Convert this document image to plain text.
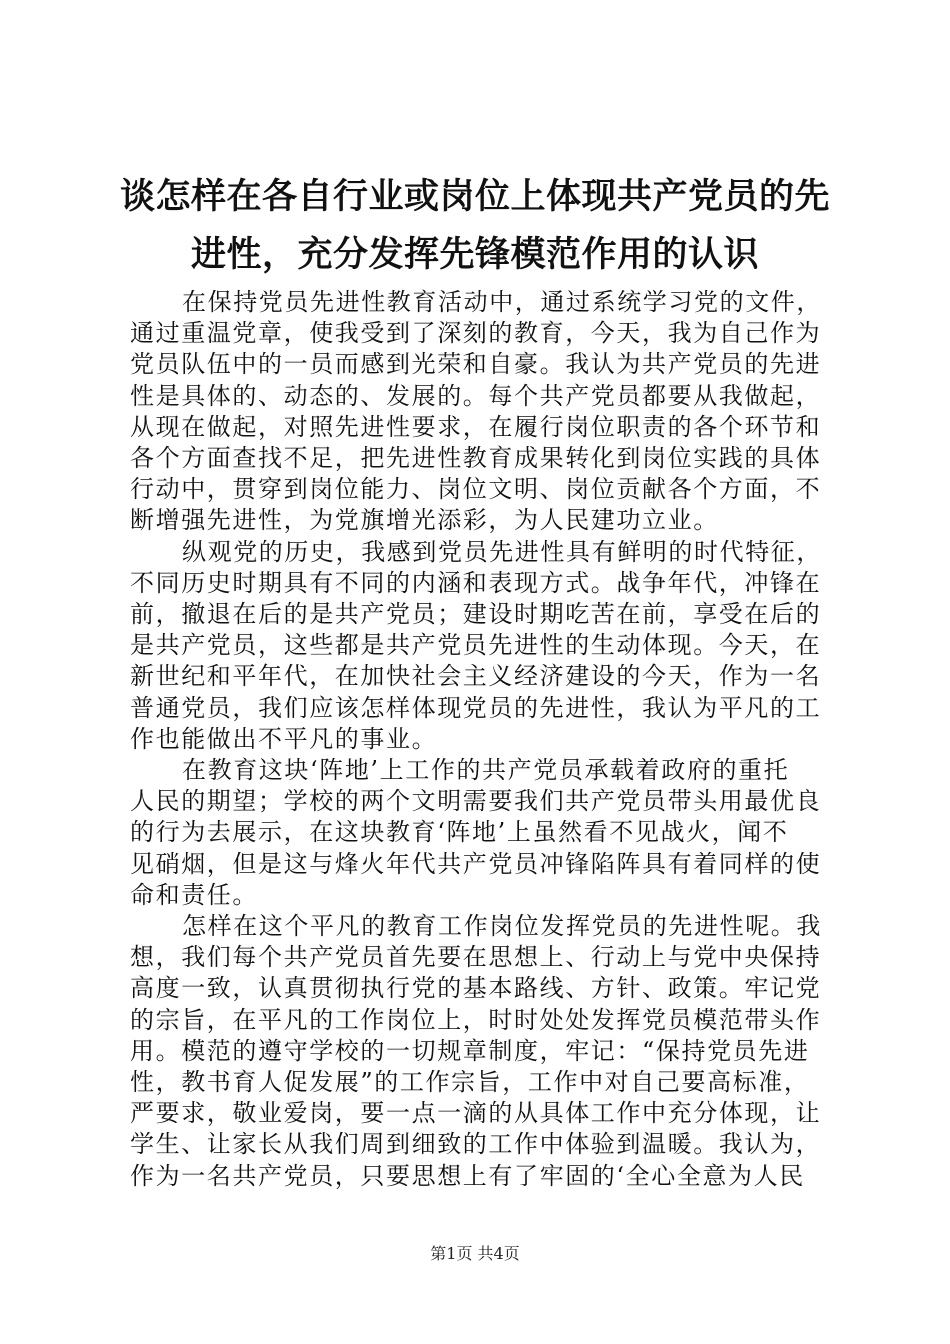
谈怎样在各自行业或岗位上体现共产党员的先
进性，充分发挥先锋模范作用的认识

在保持党员先进性教育活动中，通过系统学习党的文件，
通过重温党章，使我受到了深刻的教育，今天，我为自己作为
党员队伍中的一员而感到光荣和自豪。我认为共产党员的先进
性是具体的、动态的、发展的。每个共产党员都要从我做起，
从现在做起，对照先进性要求，在履行岗位职责的各个环节和
各个方面查找不足，把先进性教育成果转化到岗位实践的具体
行动中，贯穿到岗位能力、岗位文明、岗位贡献各个方面，不
断增强先进性，为党旗增光添彩，为人民建功立业。

纵观党的历史，我感到党员先进性具有鲜明的时代特征，
不同历史时期具有不同的内涵和表现方式。战争年代，冲锋在
前，撤退在后的是共产党员；建设时期吃苦在前，享受在后的
是共产党员，这些都是共产党员先进性的生动体现。今天，在
新世纪和平年代，在加快社会主义经济建设的今天，作为一名
普通党员，我们应该怎样体现党员的先进性，我认为平凡的工
作也能做出不平凡的事业。

在教育这块‘阵地’上工作的共产党员承载着政府的重托
人民的期望；学校的两个文明需要我们共产党员带头用最优良
的行为去展示，在这块教育‘阵地’上虽然看不见战火，闻不
见硝烟，但是这与烽火年代共产党员冲锋陷阵具有着同样的使
命和责任。

怎样在这个平凡的教育工作岗位发挥党员的先进性呢。我
想，我们每个共产党员首先要在思想上、行动上与党中央保持
高度一致，认真贯彻执行党的基本路线、方针、政策。牢记党
的宗旨，在平凡的工作岗位上，时时处处发挥党员模范带头作
用。模范的遵守学校的一切规章制度，牢记：“保持党员先进
性，教书育人促发展”的工作宗旨，工作中对自己要高标准，
严要求，敬业爱岗，要一点一滴的从具体工作中充分体现，让
学生、让家长从我们周到细致的工作中体验到温暖。我认为，
作为一名共产党员，只要思想上有了牢固的‘全心全意为人民

第1页 共4页
